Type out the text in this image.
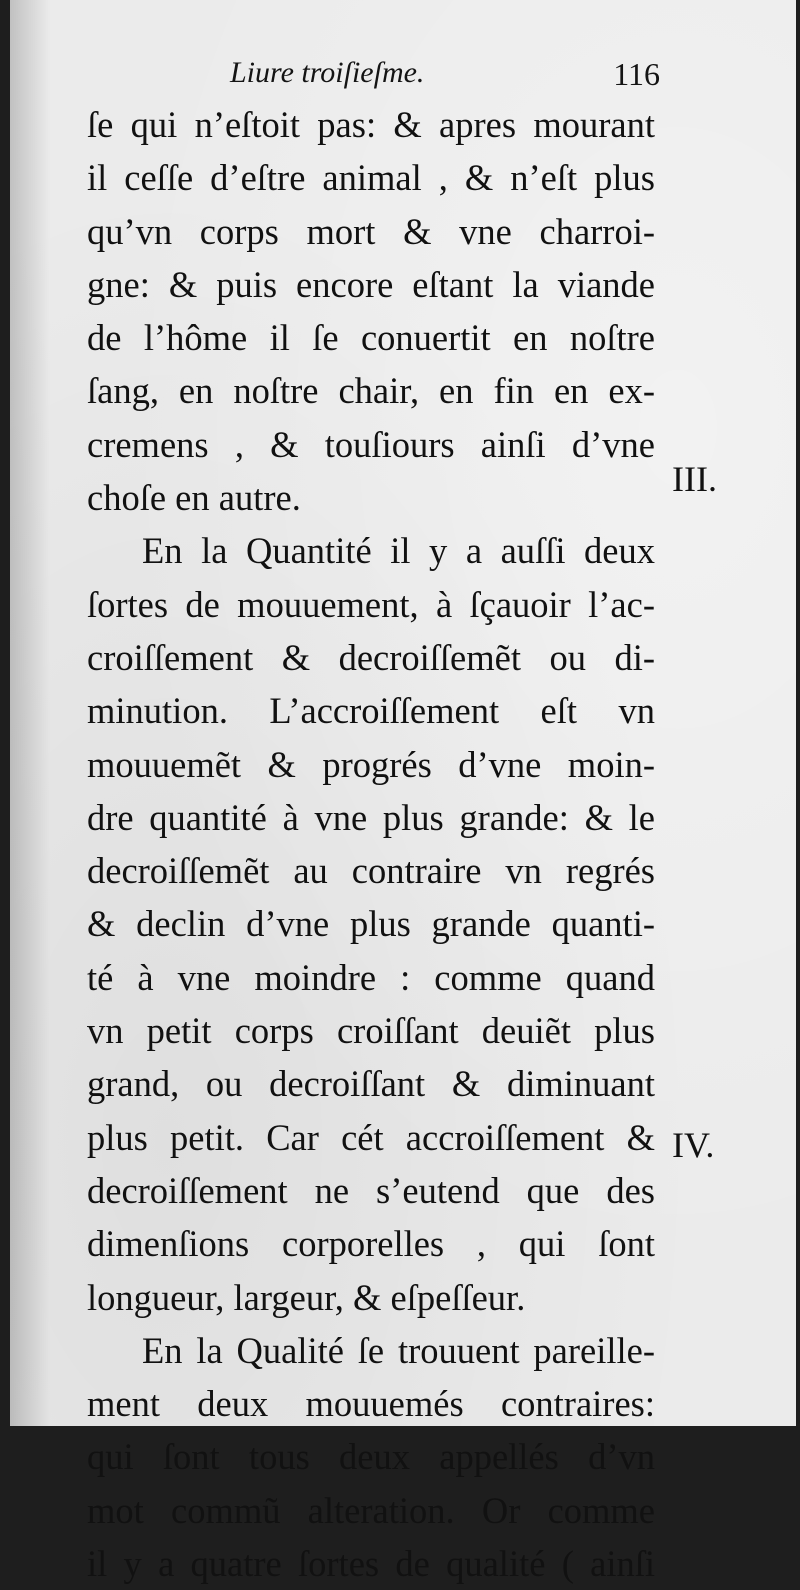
Liure troiſieſme.	116
ſe qui n’eſtoit pas: & apres mourant
il ceſſe d’eſtre animal , & n’eſt plus
qu’vn corps mort & vne charroi-
gne: & puis encore eſtant la viande
de l’hôme il ſe conuertit en noſtre
ſang, en noſtre chair, en fin en ex-
cremens , & touſiours ainſi d’vne
choſe en autre.
En la Quantité il y a auſſi deux
ſortes de mouuement, à ſçauoir l’ac-
croiſſement & decroiſſemẽt ou di-
minution. L’accroiſſement eſt vn
mouuemẽt & progrés d’vne moin-
dre quantité à vne plus grande: & le
decroiſſemẽt au contraire vn regrés
& declin d’vne plus grande quanti-
té à vne moindre : comme quand
vn petit corps croiſſant deuiẽt plus
grand, ou decroiſſant & diminuant
plus petit. Car cét accroiſſement &
decroiſſement ne s’eutend que des
dimenſions corporelles , qui ſont
longueur, largeur, & eſpeſſeur.
En la Qualité ſe trouuent pareille-
ment deux mouuemés contraires:
qui ſont tous deux appellés d’vn
mot commũ alteration. Or comme
il y a quatre ſortes de qualité ( ainſi
III.
IV.
